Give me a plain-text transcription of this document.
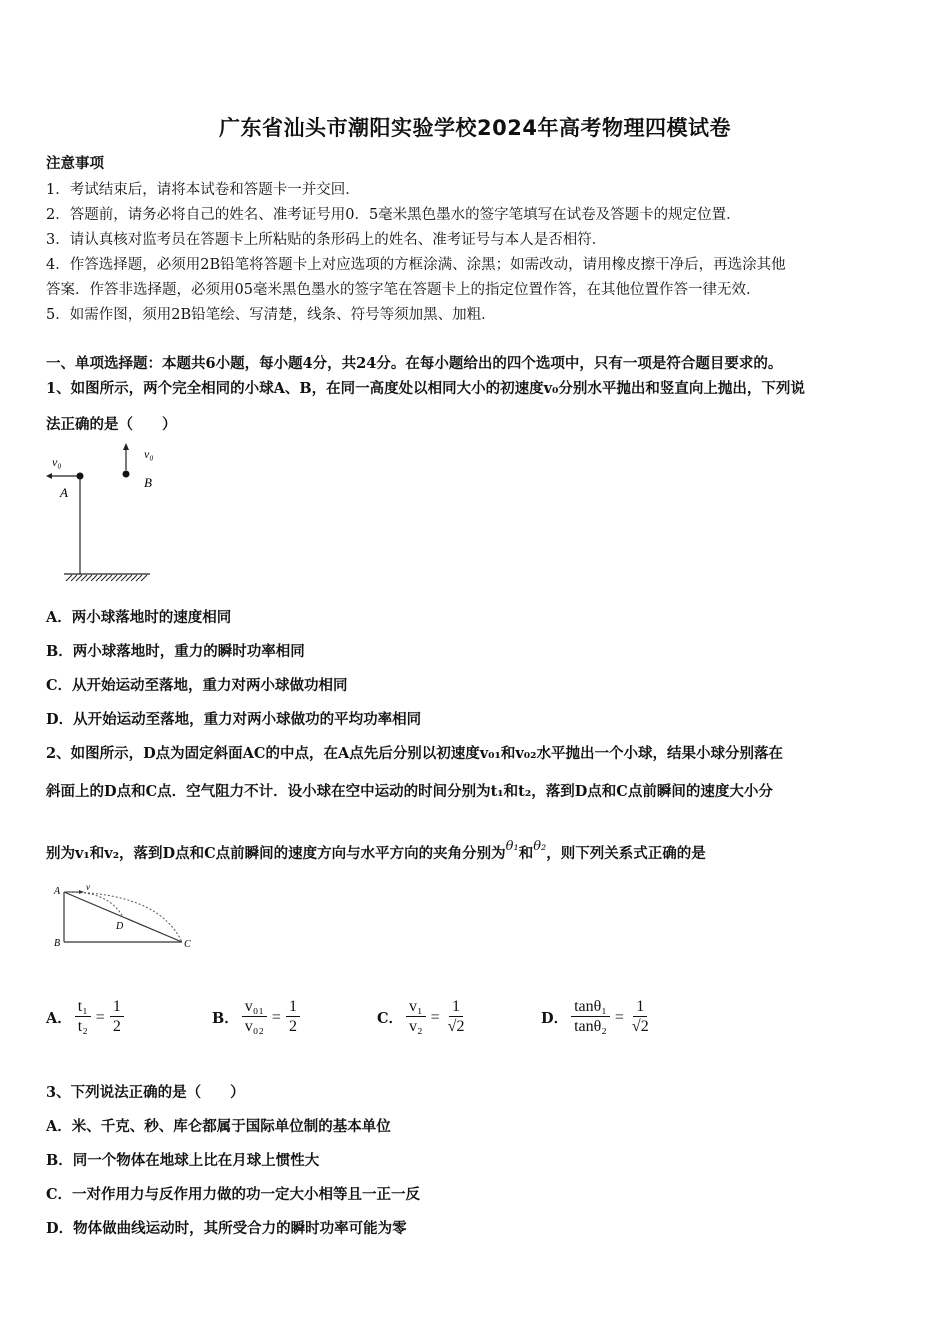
广东省汕头市潮阳实验学校2024年高考物理四模试卷
注意事项
1．考试结束后，请将本试卷和答题卡一并交回．
2．答题前，请务必将自己的姓名、准考证号用0．5毫米黑色墨水的签字笔填写在试卷及答题卡的规定位置．
3．请认真核对监考员在答题卡上所粘贴的条形码上的姓名、准考证号与本人是否相符．
4．作答选择题，必须用2B铅笔将答题卡上对应选项的方框涂满、涂黑；如需改动，请用橡皮擦干净后，再选涂其他
答案．作答非选择题，必须用05毫米黑色墨水的签字笔在答题卡上的指定位置作答，在其他位置作答一律无效．
5．如需作图，须用2B铅笔绘、写清楚，线条、符号等须加黑、加粗．
一、单项选择题：本题共6小题，每小题4分，共24分。在每小题给出的四个选项中，只有一项是符合题目要求的。
1、如图所示，两个完全相同的小球A、B，在同一高度处以相同大小的初速度v₀分别水平抛出和竖直向上抛出，下列说
法正确的是（　　）
v₀
A
v₀
B
A．两小球落地时的速度相同
B．两小球落地时，重力的瞬时功率相同
C．从开始运动至落地，重力对两小球做功相同
D．从开始运动至落地，重力对两小球做功的平均功率相同
2、如图所示，D点为固定斜面AC的中点，在A点先后分别以初速度v₀₁和v₀₂水平抛出一个小球，结果小球分别落在
斜面上的D点和C点．空气阻力不计．设小球在空中运动的时间分别为t₁和t₂，落到D点和C点前瞬间的速度大小分
别为v₁和v₂，落到D点和C点前瞬间的速度方向与水平方向的夹角分别为θ₁和θ₂，则下列关系式正确的是
A	v
B	C
D
A． $\frac{\text{t₁}}{\text{t₂}} = \frac{1}{2}$	B． $\frac{\text{v₀₁}}{\text{v₀₂}} = \frac{1}{2}$	C． $\frac{\text{v₁}}{\text{v₂}} = \frac{1}{√2}$	D． $\frac{\text{tanθ₁}}{\text{tanθ₂}} = \frac{1}{√2}$
3、下列说法正确的是（　　）
A．米、千克、秒、库仑都属于国际单位制的基本单位
B．同一个物体在地球上比在月球上惯性大
C．一对作用力与反作用力做的功一定大小相等且一正一反
D．物体做曲线运动时，其所受合力的瞬时功率可能为零
